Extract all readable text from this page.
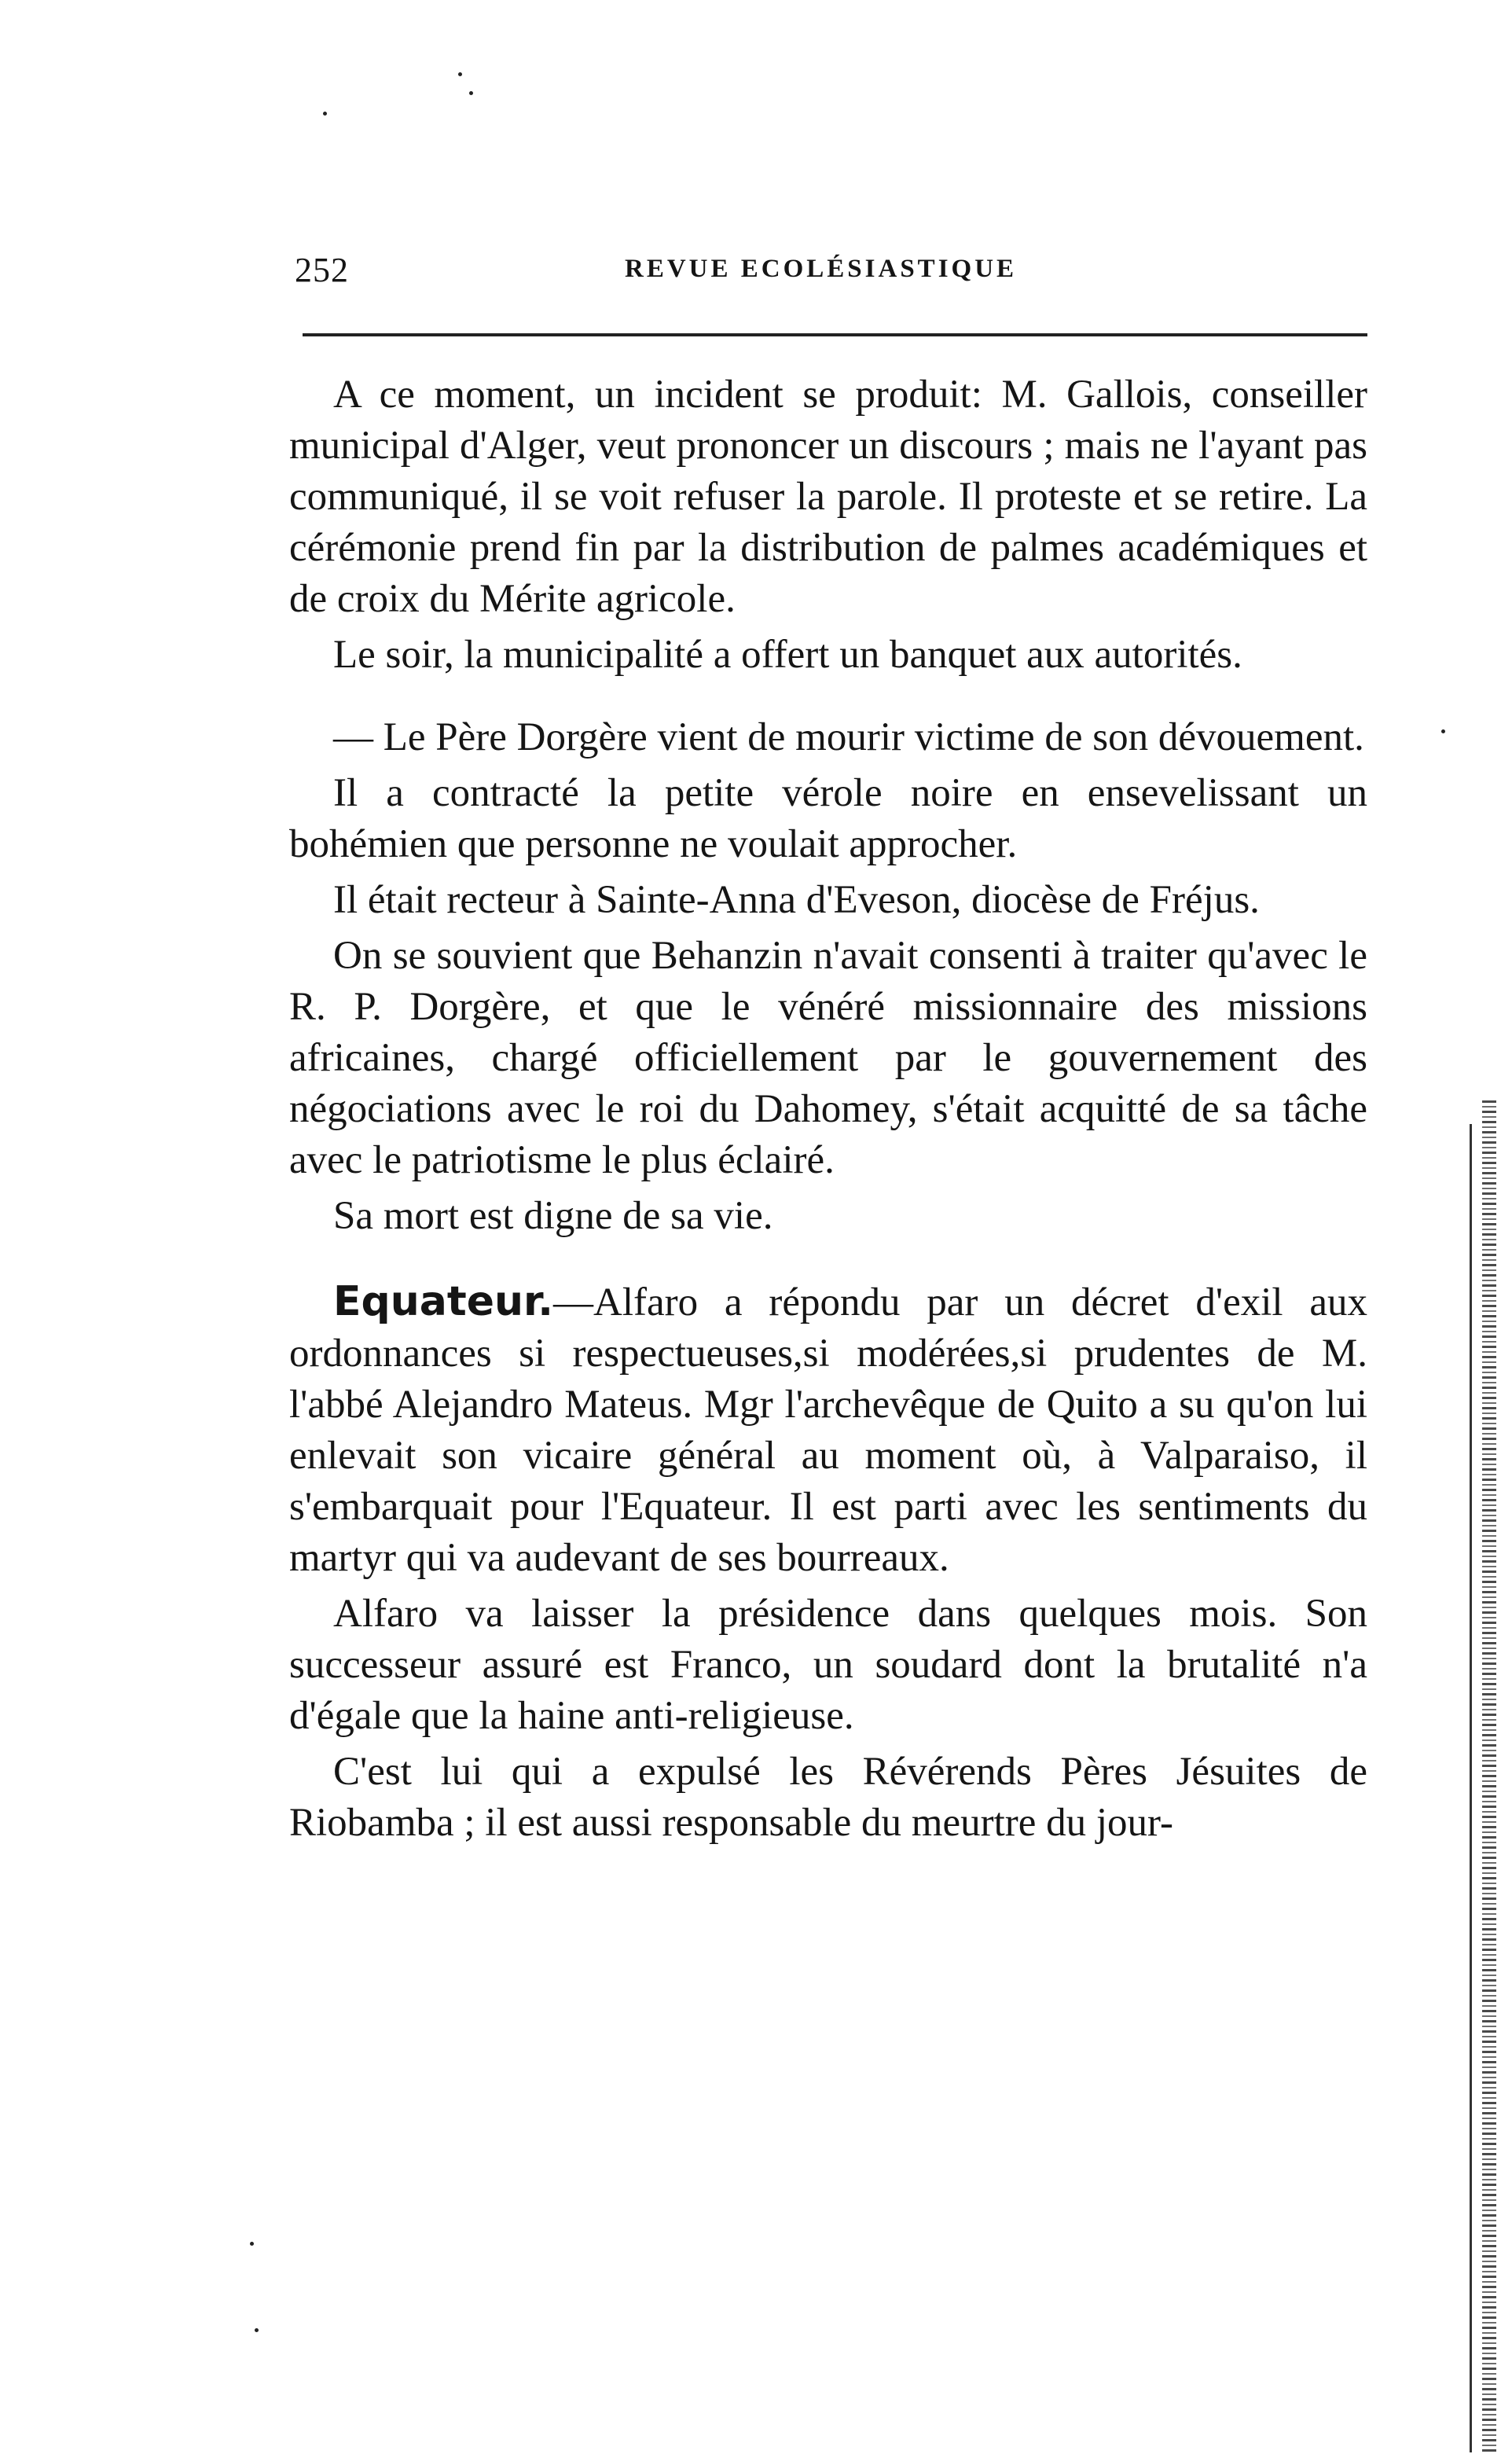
252	REVUE ECOLÉSIASTIQUE

A ce moment, un incident se produit: M. Gallois, conseiller municipal d'Alger, veut prononcer un discours ; mais ne l'ayant pas communiqué, il se voit refuser la parole. Il proteste et se retire. La cérémonie prend fin par la distribution de palmes académiques et de croix du Mérite agricole.

Le soir, la municipalité a offert un banquet aux autorités.

— Le Père Dorgère vient de mourir victime de son dévouement.

Il a contracté la petite vérole noire en ensevelissant un bohémien que personne ne voulait approcher.

Il était recteur à Sainte-Anna d'Eveson, diocèse de Fréjus.

On se souvient que Behanzin n'avait consenti à traiter qu'avec le R. P. Dorgère, et que le vénéré missionnaire des missions africaines, chargé officiellement par le gouvernement des négociations avec le roi du Dahomey, s'était acquitté de sa tâche avec le patriotisme le plus éclairé.

Sa mort est digne de sa vie.

Equateur.—Alfaro a répondu par un décret d'exil aux ordonnances si respectueuses,si modérées,si prudentes de M. l'abbé Alejandro Mateus. Mgr l'archevêque de Quito a su qu'on lui enlevait son vicaire général au moment où, à Valparaiso, il s'embarquait pour l'Equateur. Il est parti avec les sentiments du martyr qui va audevant de ses bourreaux.

Alfaro va laisser la présidence dans quelques mois. Son successeur assuré est Franco, un soudard dont la brutalité n'a d'égale que la haine anti-religieuse.

C'est lui qui a expulsé les Révérends Pères Jésuites de Riobamba ; il est aussi responsable du meurtre du jour-
